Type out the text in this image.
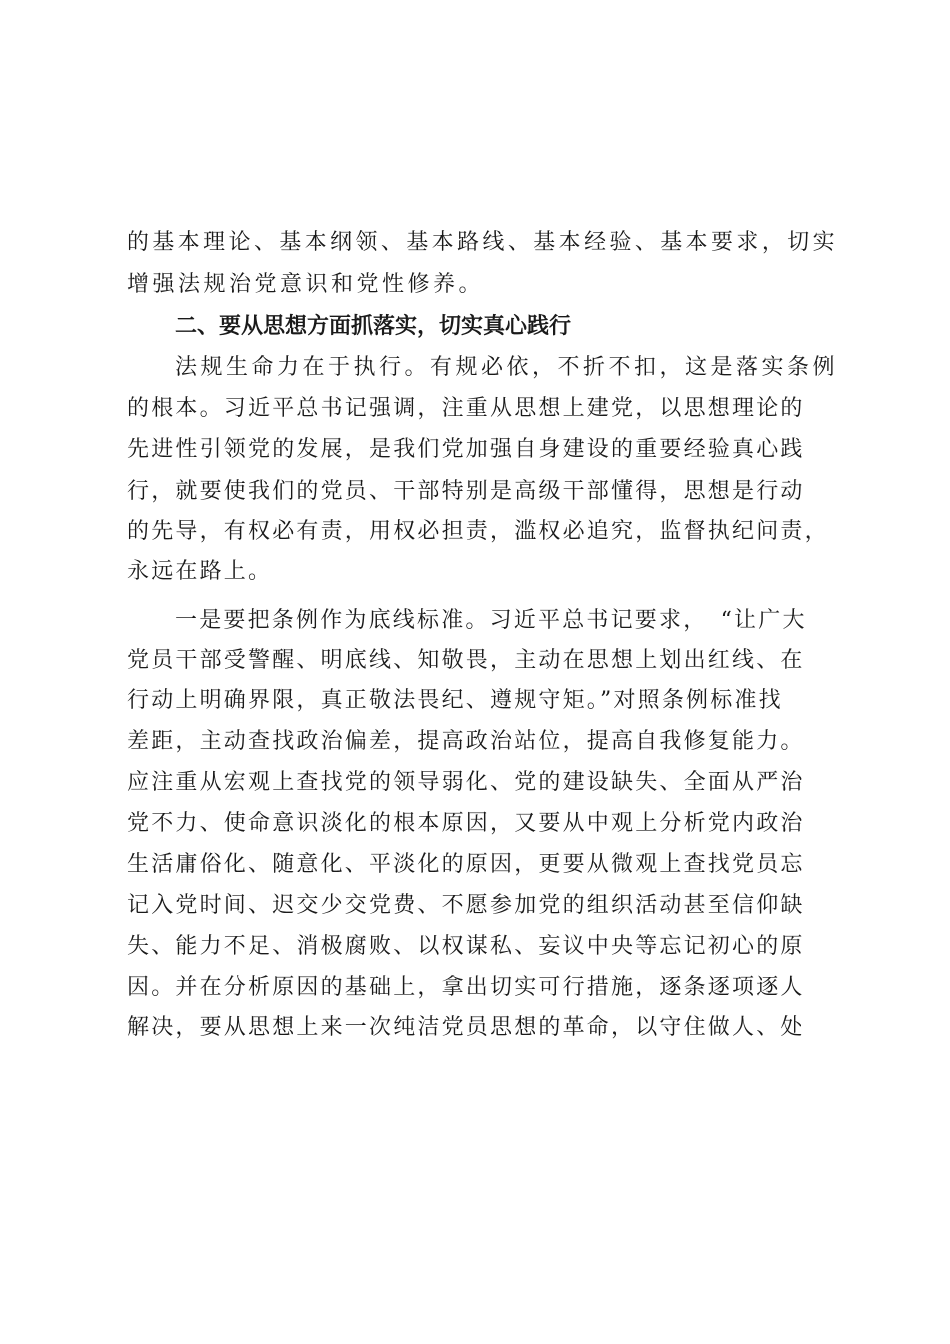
的基本理论、基本纲领、基本路线、基本经验、基本要求，切实
增强法规治党意识和党性修养。
二、要从思想方面抓落实，切实真心践行
法规生命力在于执行。有规必依，不折不扣，这是落实条例
的根本。习近平总书记强调，注重从思想上建党，以思想理论的
先进性引领党的发展，是我们党加强自身建设的重要经验真心践
行，就要使我们的党员、干部特别是高级干部懂得，思想是行动
的先导，有权必有责，用权必担责，滥权必追究，监督执纪问责，
永远在路上。
一是要把条例作为底线标准。习近平总书记要求，　“让广大
党员干部受警醒、明底线、知敬畏，主动在思想上划出红线、在
行动上明确界限，真正敬法畏纪、遵规守矩。”对照条例标准找
差距，主动查找政治偏差，提高政治站位，提高自我修复能力。
应注重从宏观上查找党的领导弱化、党的建设缺失、全面从严治
党不力、使命意识淡化的根本原因，又要从中观上分析党内政治
生活庸俗化、随意化、平淡化的原因，更要从微观上查找党员忘
记入党时间、迟交少交党费、不愿参加党的组织活动甚至信仰缺
失、能力不足、消极腐败、以权谋私、妄议中央等忘记初心的原
因。并在分析原因的基础上，拿出切实可行措施，逐条逐项逐人
解决，要从思想上来一次纯洁党员思想的革命，以守住做人、处
